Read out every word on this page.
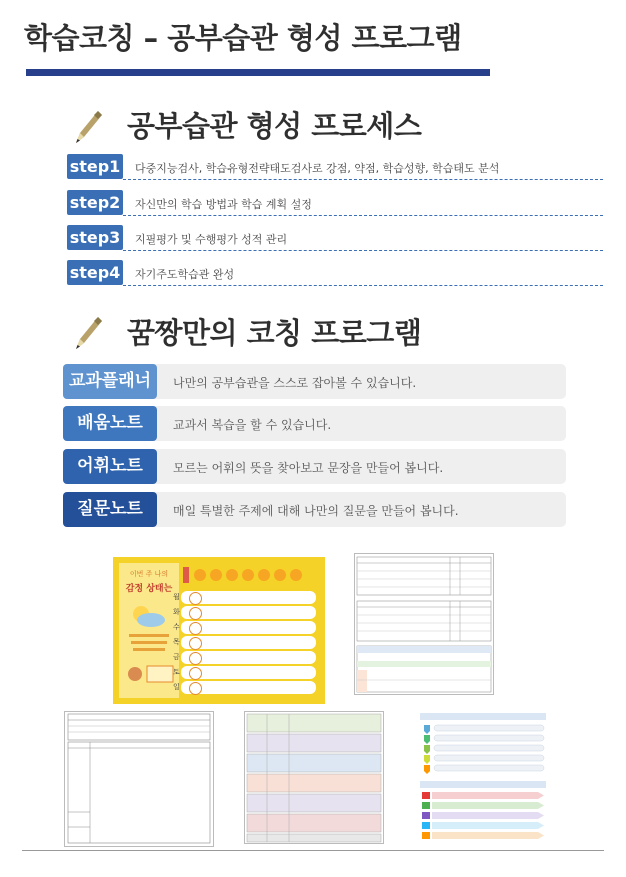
학습코칭 – 공부습관 형성 프로그램
공부습관 형성 프로세스
step1 다중지능검사, 학습유형전략태도검사로 강점, 약점, 학습성향, 학습태도 분석
step2 자신만의 학습 방법과 학습 계획 설정
step3 지필평가 및 수행평가 성적 관리
step4 자기주도학습관 완성
꿈짱만의 코칭 프로그램
교과플래너	나만의 공부습관을 스스로 잡아볼 수 있습니다.
배움노트	교과서 복습을 할 수 있습니다.
어휘노트	모르는 어휘의 뜻을 찾아보고 문장을 만들어 봅니다.
질문노트	매일 특별한 주제에 대해 나만의 질문을 만들어 봅니다.
이번 주 나의
감정 상태는
월
화
수
목
금
토
일
